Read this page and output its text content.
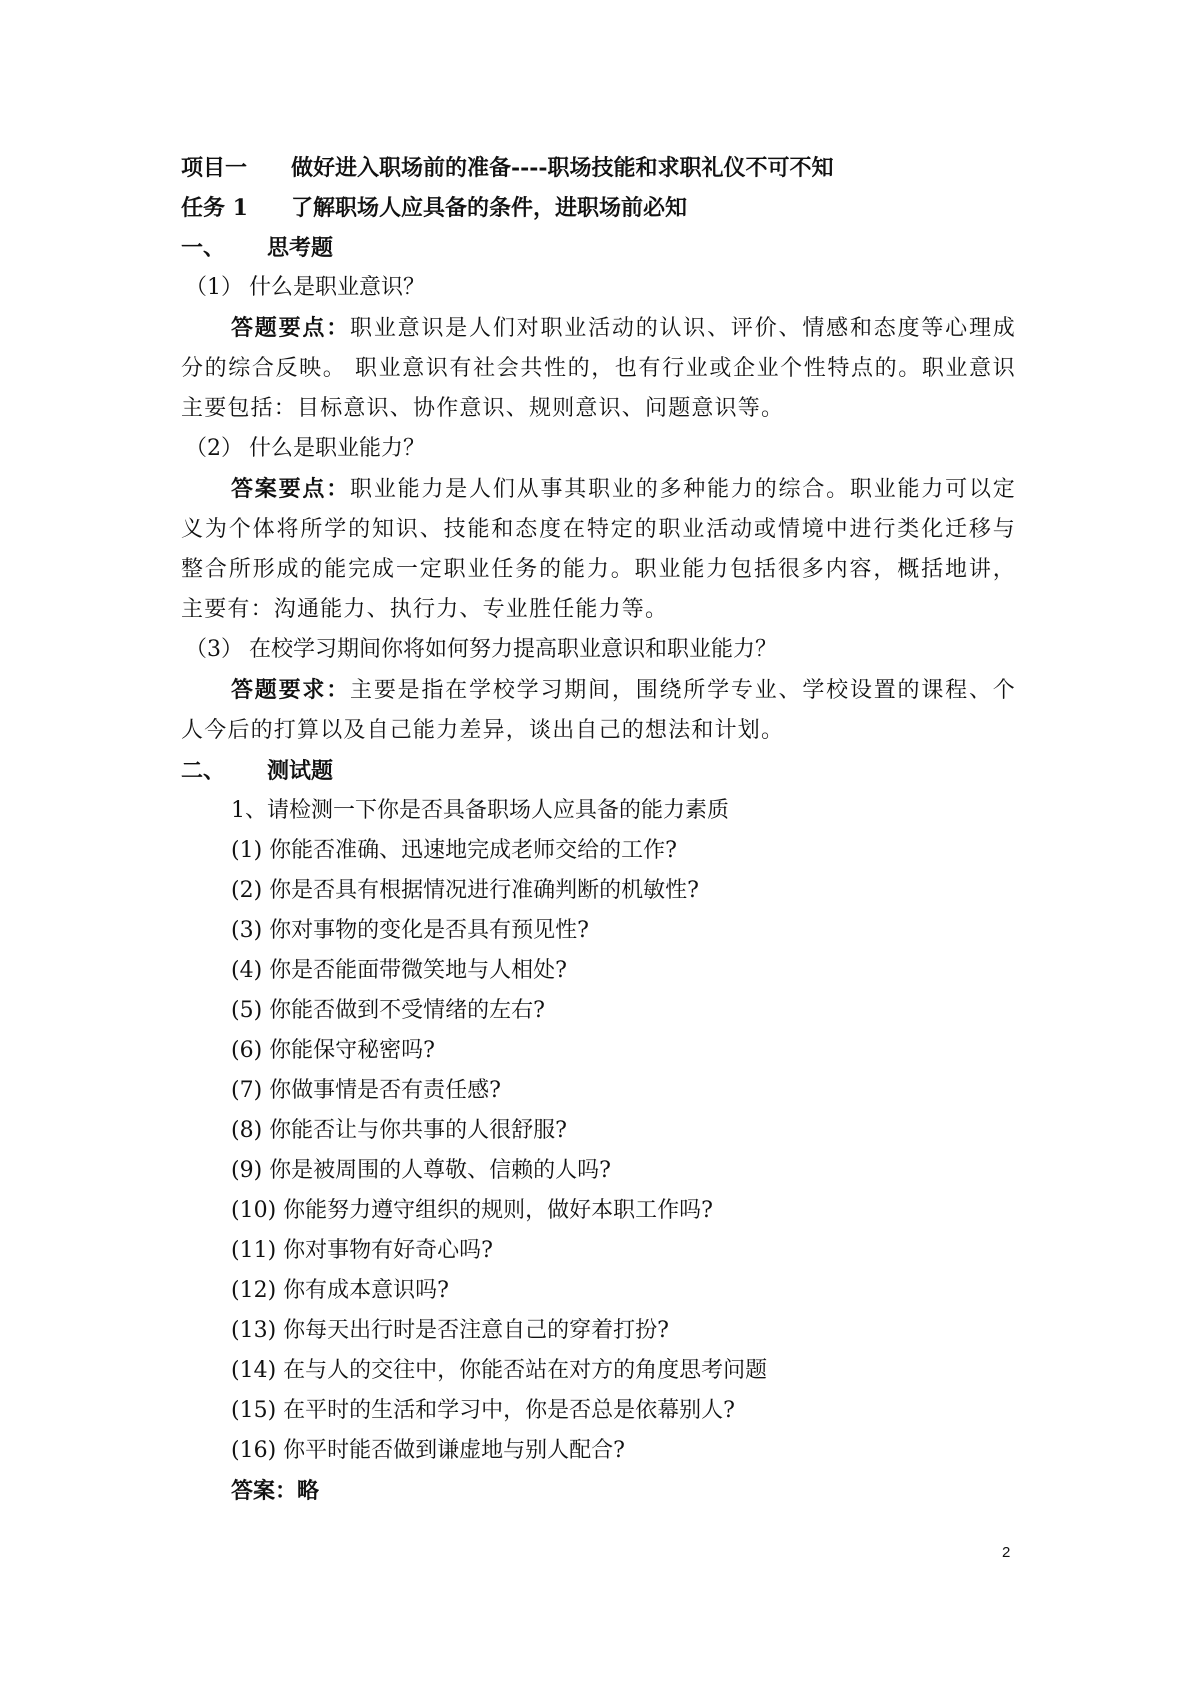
项目一 做好进入职场前的准备----职场技能和求职礼仪不可不知
任务 1 了解职场人应具备的条件，进职场前必知
一、 思考题
（1） 什么是职业意识？
答题要点：职业意识是人们对职业活动的认识、评价、情感和态度等心理成分的综合反映。 职业意识有社会共性的，也有行业或企业个性特点的。职业意识主要包括：目标意识、协作意识、规则意识、问题意识等。
（2） 什么是职业能力？
答案要点：职业能力是人们从事其职业的多种能力的综合。职业能力可以定义为个体将所学的知识、技能和态度在特定的职业活动或情境中进行类化迁移与整合所形成的能完成一定职业任务的能力。职业能力包括很多内容，概括地讲，主要有：沟通能力、执行力、专业胜任能力等。
（3） 在校学习期间你将如何努力提高职业意识和职业能力？
答题要求：主要是指在学校学习期间，围绕所学专业、学校设置的课程、个人今后的打算以及自己能力差异，谈出自己的想法和计划。
二、 测试题
1、请检测一下你是否具备职场人应具备的能力素质
(1) 你能否准确、迅速地完成老师交给的工作?
(2) 你是否具有根据情况进行准确判断的机敏性?
(3) 你对事物的变化是否具有预见性?
(4) 你是否能面带微笑地与人相处?
(5) 你能否做到不受情绪的左右?
(6) 你能保守秘密吗?
(7) 你做事情是否有责任感?
(8) 你能否让与你共事的人很舒服?
(9) 你是被周围的人尊敬、信赖的人吗?
(10) 你能努力遵守组织的规则，做好本职工作吗?
(11) 你对事物有好奇心吗?
(12) 你有成本意识吗?
(13) 你每天出行时是否注意自己的穿着打扮?
(14) 在与人的交往中，你能否站在对方的角度思考问题
(15) 在平时的生活和学习中，你是否总是依幕别人?
(16) 你平时能否做到谦虚地与别人配合?
答案：略
2
